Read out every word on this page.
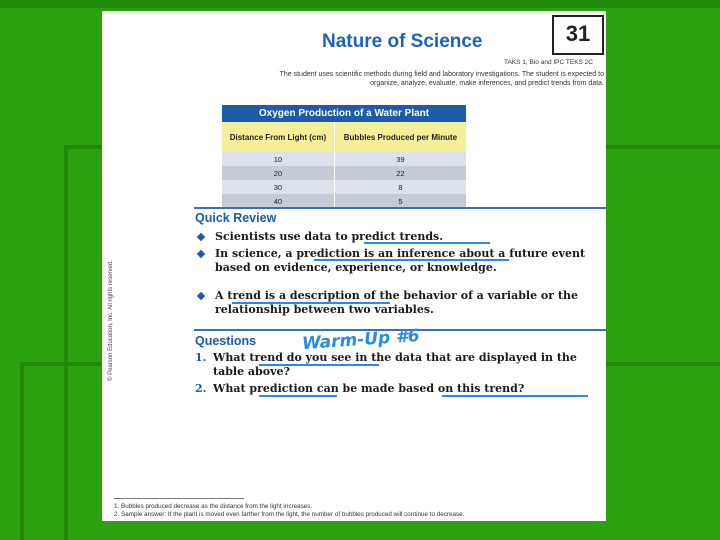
Nature of Science	31
TAKS 1, Bio and IPC TEKS 2C
The student uses scientific methods during field and laboratory investigations. The student is expected to organize, analyze, evaluate, make inferences, and predict trends from data.
Oxygen Production of a Water Plant	
Distance From Light (cm)	Bubbles Produced per Minute
10	39
20	22
30	8
40	5
Quick Review
Scientists use data to predict trends.
In science, a prediction is an inference about a future event based on evidence, experience, or knowledge.
A trend is a description of the behavior of a variable or the relationship between two variables.
Questions	Warm-Up #6
1. What trend do you see in the data that are displayed in the table above?
2. What prediction can be made based on this trend?
© Pearson Education, Inc. All rights reserved.
1. Bubbles produced decrease as the distance from the light increases.
2. Sample answer: If the plant is moved even farther from the light, the number of bubbles produced will continue to decrease.
